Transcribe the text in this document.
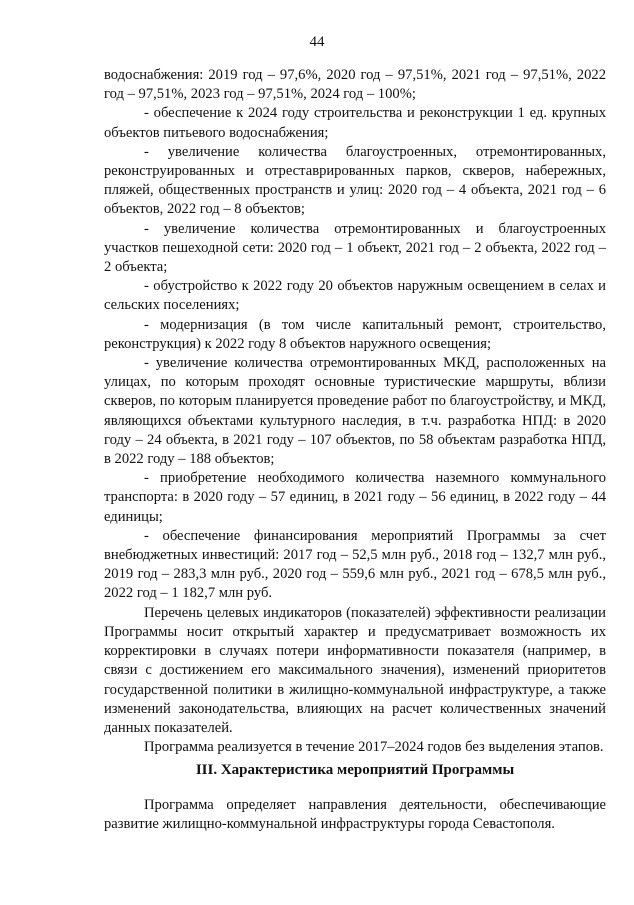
44

водоснабжения: 2019 год – 97,6%, 2020 год – 97,51%, 2021 год – 97,51%, 2022 год – 97,51%, 2023 год – 97,51%, 2024 год – 100%;

- обеспечение к 2024 году строительства и реконструкции 1 ед. крупных объектов питьевого водоснабжения;

- увеличение количества благоустроенных, отремонтированных, реконструированных и отреставрированных парков, скверов, набережных, пляжей, общественных пространств и улиц: 2020 год – 4 объекта, 2021 год – 6 объектов, 2022 год – 8 объектов;

- увеличение количества отремонтированных и благоустроенных участков пешеходной сети: 2020 год – 1 объект, 2021 год – 2 объекта, 2022 год – 2 объекта;

- обустройство к 2022 году 20 объектов наружным освещением в селах и сельских поселениях;

- модернизация (в том числе капитальный ремонт, строительство, реконструкция) к 2022 году 8 объектов наружного освещения;

- увеличение количества отремонтированных МКД, расположенных на улицах, по которым проходят основные туристические маршруты, вблизи скверов, по которым планируется проведение работ по благоустройству, и МКД, являющихся объектами культурного наследия, в т.ч. разработка НПД: в 2020 году – 24 объекта, в 2021 году – 107 объектов, по 58 объектам разработка НПД, в 2022 году – 188 объектов;

- приобретение необходимого количества наземного коммунального транспорта: в 2020 году – 57 единиц, в 2021 году – 56 единиц, в 2022 году – 44 единицы;

- обеспечение финансирования мероприятий Программы за счет внебюджетных инвестиций: 2017 год – 52,5 млн руб., 2018 год – 132,7 млн руб., 2019 год – 283,3 млн руб., 2020 год – 559,6 млн руб., 2021 год – 678,5 млн руб., 2022 год – 1 182,7 млн руб.

Перечень целевых индикаторов (показателей) эффективности реализации Программы носит открытый характер и предусматривает возможность их корректировки в случаях потери информативности показателя (например, в связи с достижением его максимального значения), изменений приоритетов государственной политики в жилищно-коммунальной инфраструктуре, а также изменений законодательства, влияющих на расчет количественных значений данных показателей.

Программа реализуется в течение 2017–2024 годов без выделения этапов.

III. Характеристика мероприятий Программы

Программа определяет направления деятельности, обеспечивающие развитие жилищно-коммунальной инфраструктуры города Севастополя.
